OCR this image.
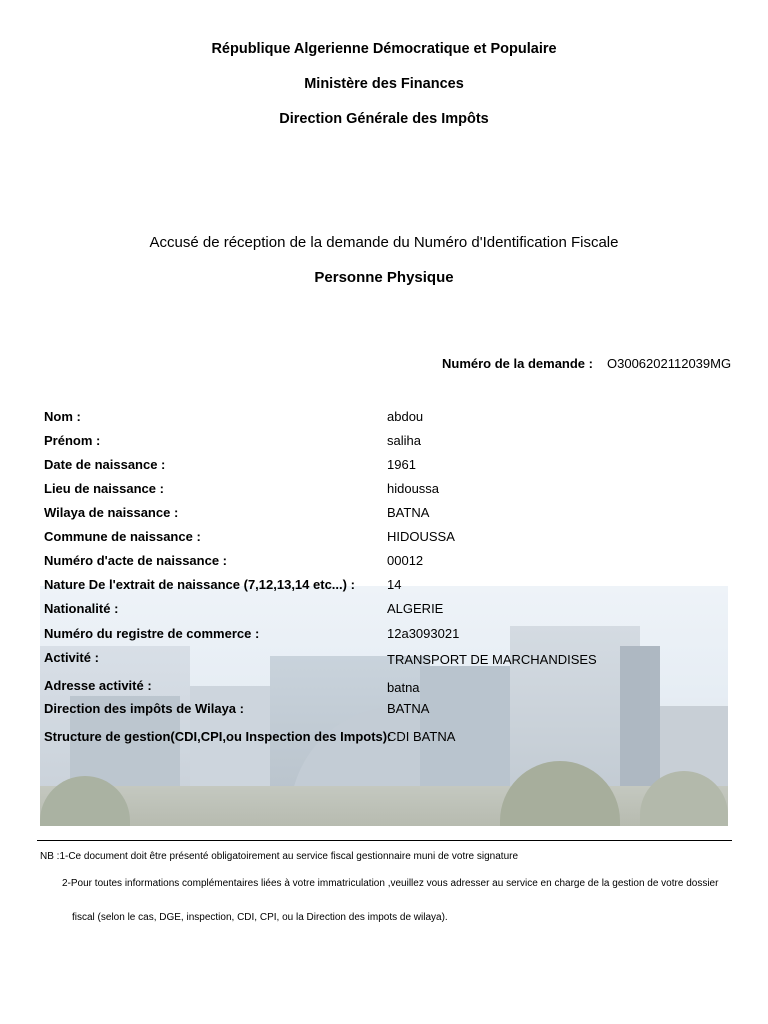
République Algerienne Démocratique et Populaire
Ministère des Finances
Direction Générale des Impôts
Accusé de réception de la demande du Numéro d'Identification Fiscale
Personne Physique
Numéro de la demande : O3006202112039MG
Nom :	abdou
Prénom :	saliha
Date de naissance :	1961
Lieu de naissance :	hidoussa
Wilaya de naissance :	BATNA
Commune de naissance :	HIDOUSSA
Numéro d'acte de naissance :	00012
Nature De l'extrait de naissance (7,12,13,14 etc...) : 14
Nationalité :	ALGERIE
Numéro du registre de commerce :	12a3093021
Activité :	TRANSPORT DE MARCHANDISES
Adresse activité :	batna
Direction des impôts de Wilaya :	BATNA
Structure de gestion(CDI,CPI,ou Inspection des Impots):
CDI BATNA
NB :1-Ce document doit être présenté obligatoirement au service fiscal gestionnaire muni de votre signature
2-Pour toutes informations complémentaires liées à votre immatriculation ,veuillez vous adresser au service en charge de la gestion de votre dossier
fiscal (selon le cas, DGE, inspection, CDI, CPI, ou la Direction des impots de wilaya).
